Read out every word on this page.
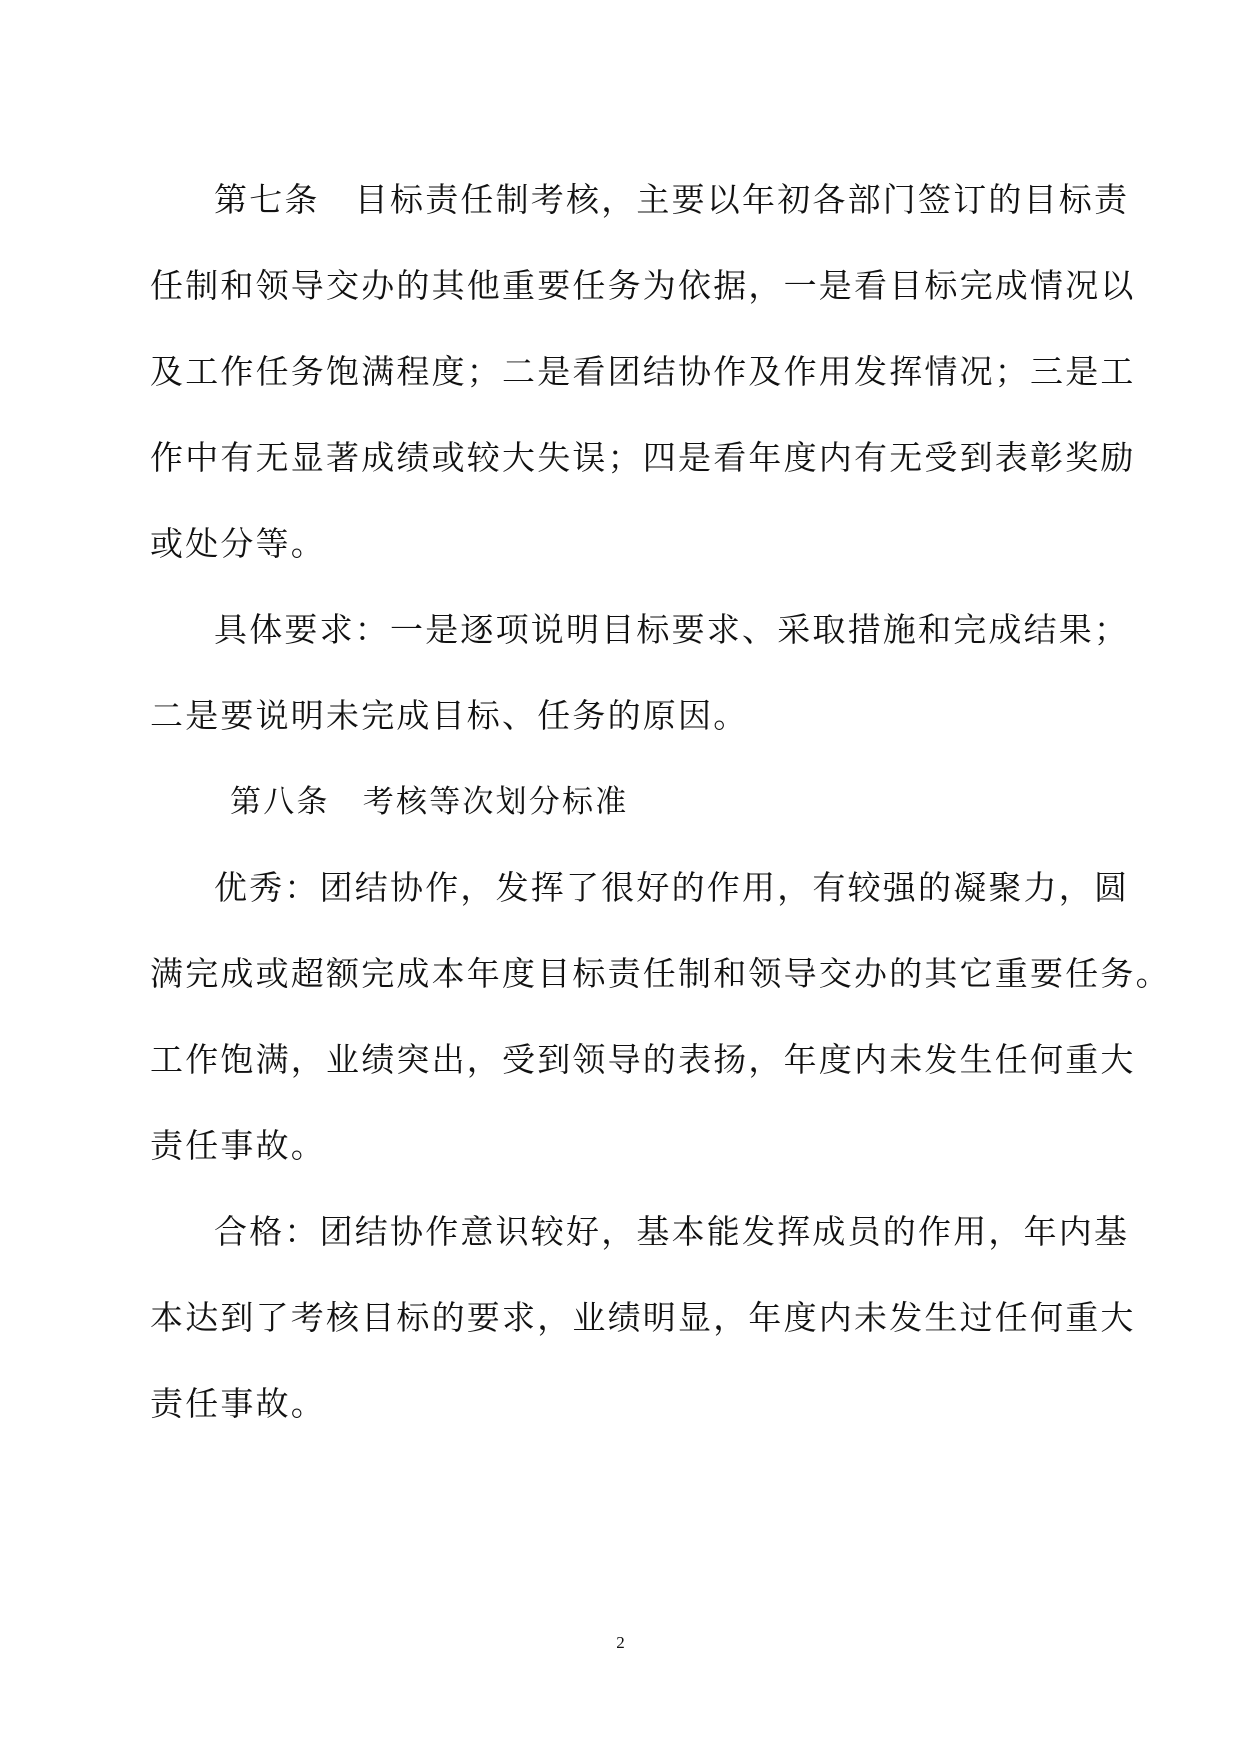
第七条　目标责任制考核，主要以年初各部门签订的目标责
任制和领导交办的其他重要任务为依据，一是看目标完成情况以
及工作任务饱满程度；二是看团结协作及作用发挥情况；三是工
作中有无显著成绩或较大失误；四是看年度内有无受到表彰奖励
或处分等。
具体要求：一是逐项说明目标要求、采取措施和完成结果；
二是要说明未完成目标、任务的原因。
第八条　考核等次划分标准
优秀：团结协作，发挥了很好的作用，有较强的凝聚力，圆
满完成或超额完成本年度目标责任制和领导交办的其它重要任务。
工作饱满，业绩突出，受到领导的表扬，年度内未发生任何重大
责任事故。
合格：团结协作意识较好，基本能发挥成员的作用，年内基
本达到了考核目标的要求，业绩明显，年度内未发生过任何重大
责任事故。
2
